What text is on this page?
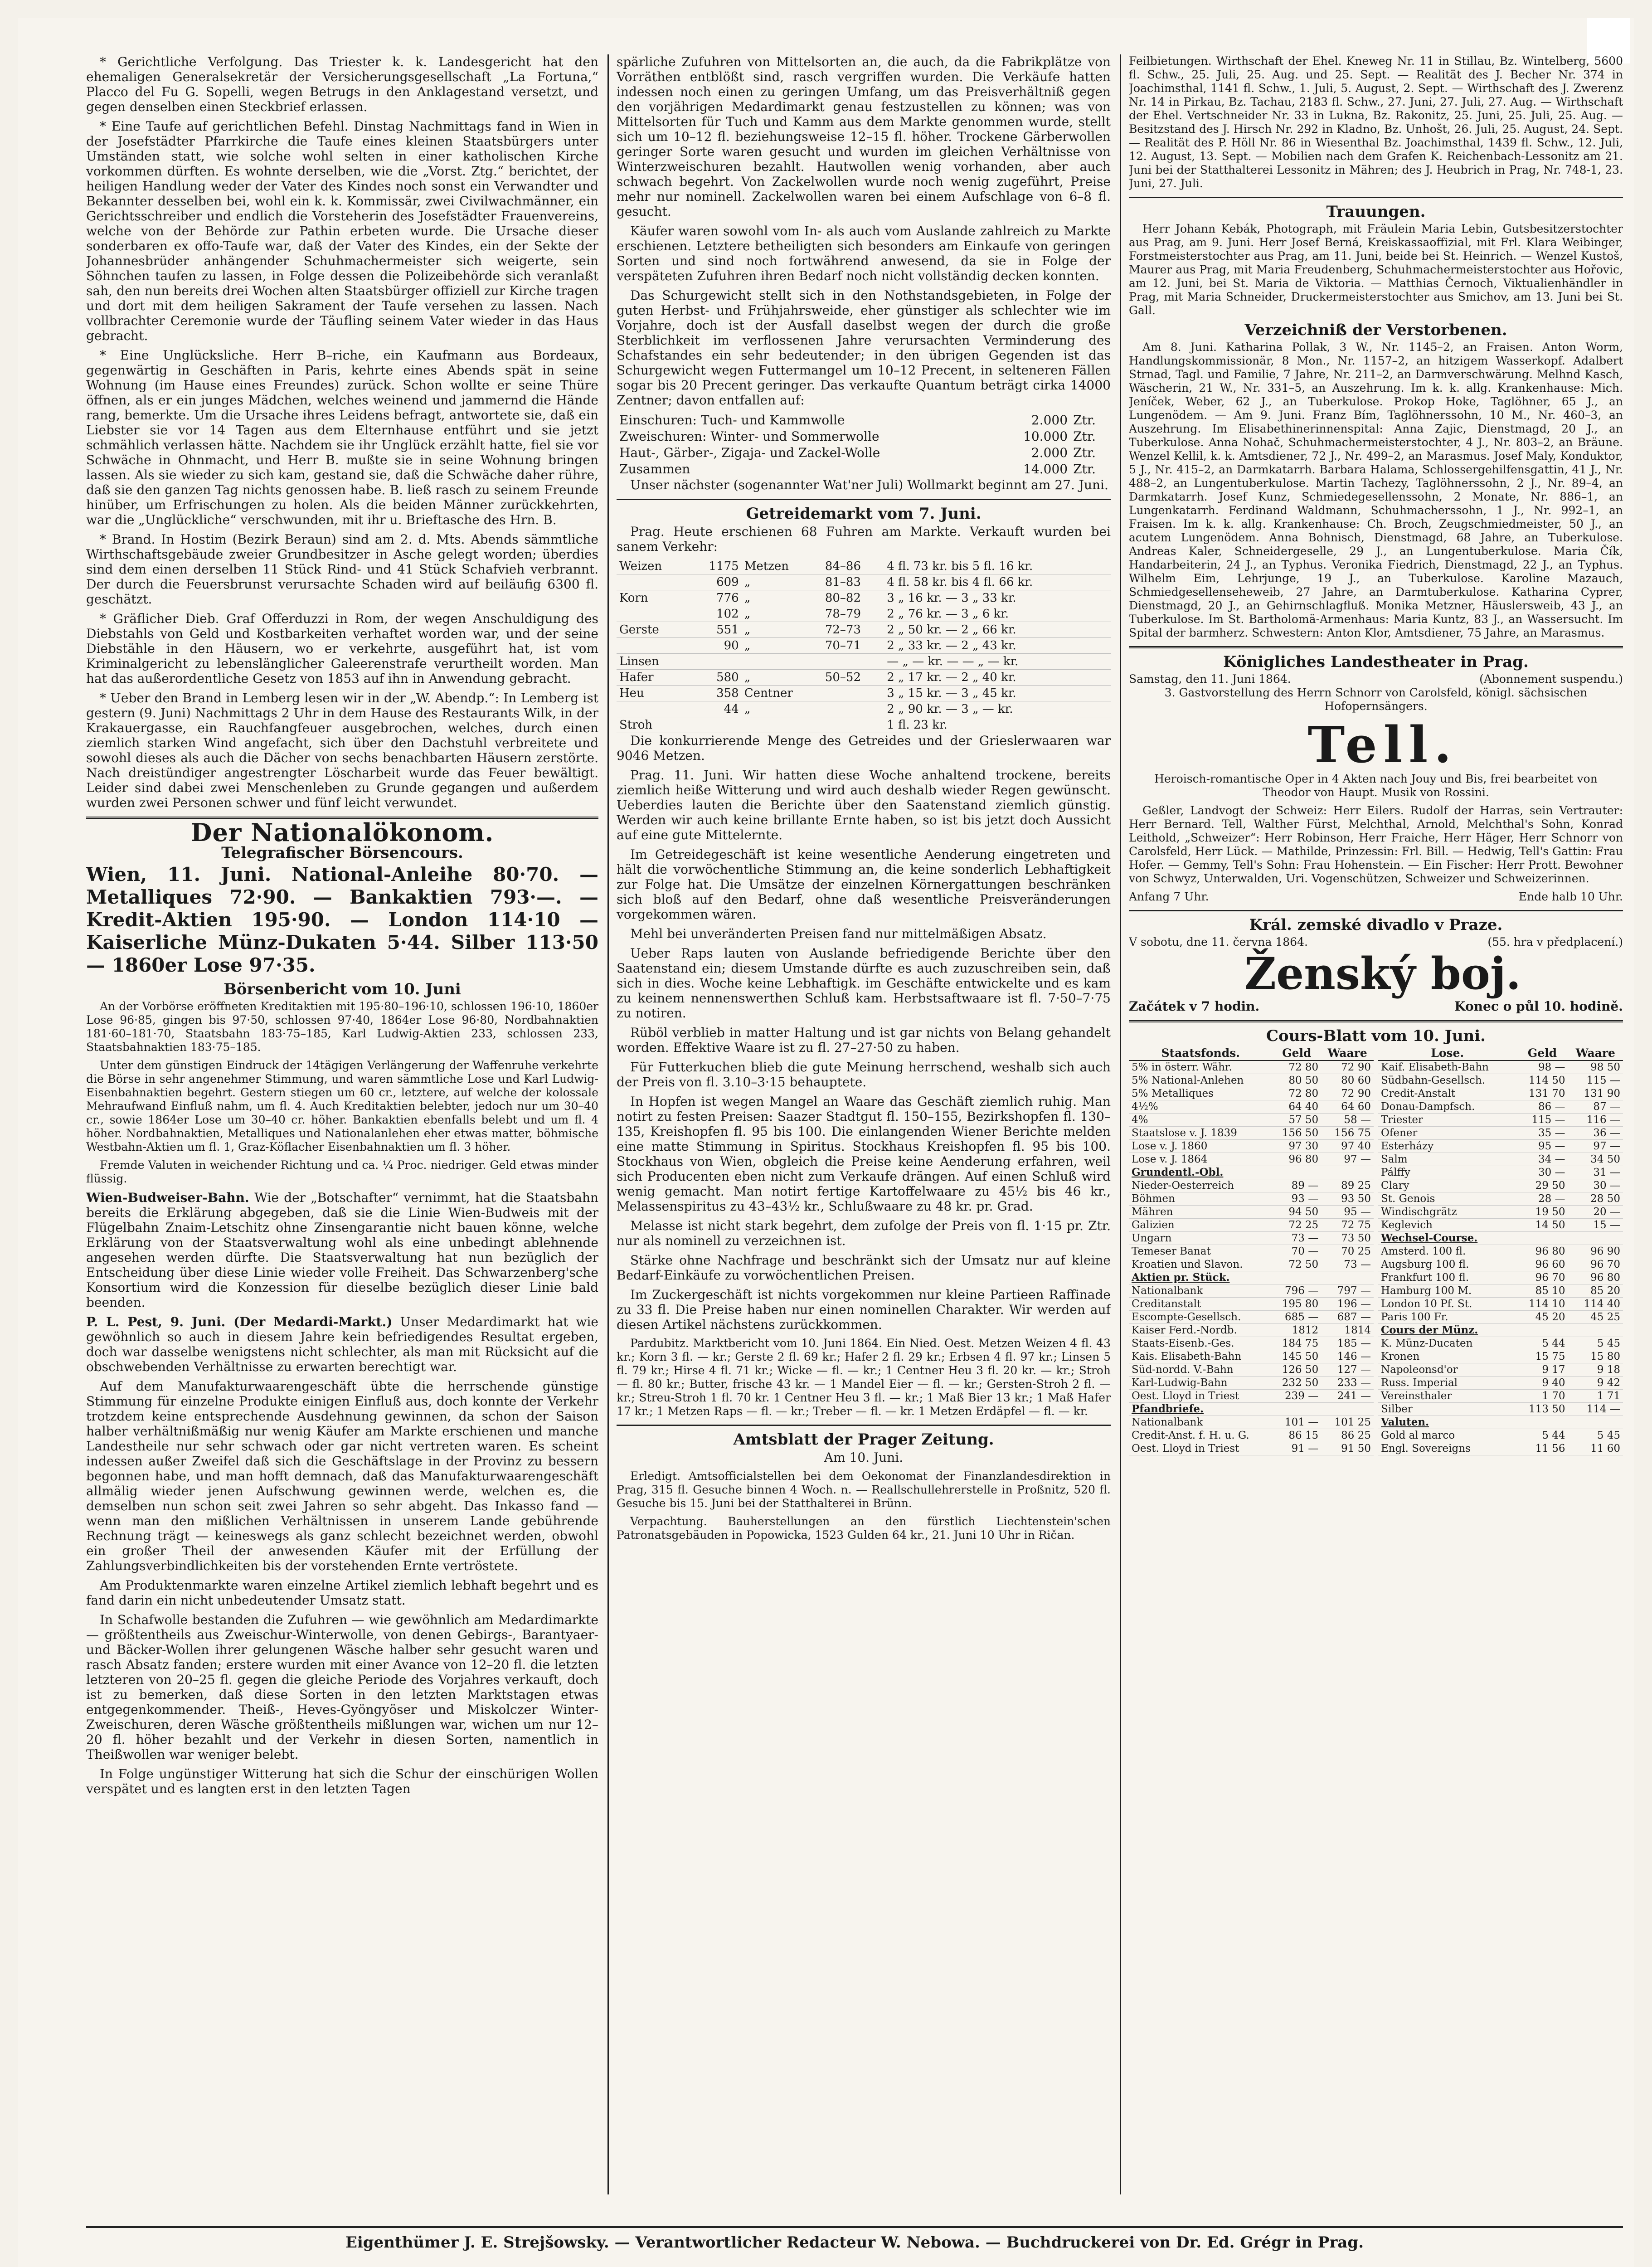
* Gerichtliche Verfolgung. Das Triester k. k. Landesgericht hat den ehemaligen Generalsekretär der Versicherungsgesellschaft „La Fortuna,“ Placco del Fu G. Sopelli, wegen Betrugs in den Anklagestand versetzt, und gegen denselben einen Steckbrief erlassen.

* Eine Taufe auf gerichtlichen Befehl. Dinstag Nachmittags fand in Wien in der Josefstädter Pfarrkirche die Taufe eines kleinen Staatsbürgers unter Umständen statt, wie solche wohl selten in einer katholischen Kirche vorkommen dürften. Es wohnte derselben, wie die „Vorst. Ztg.“ berichtet, der heiligen Handlung weder der Vater des Kindes noch sonst ein Verwandter und Bekannter desselben bei, wohl ein k. k. Kommissär, zwei Civilwachmänner, ein Gerichtsschreiber und endlich die Vorsteherin des Josefstädter Frauenvereins, welche von der Behörde zur Pathin erbeten wurde. Die Ursache dieser sonderbaren ex offo-Taufe war, daß der Vater des Kindes, ein der Sekte der Johannesbrüder anhängender Schuhmachermeister sich weigerte, sein Söhnchen taufen zu lassen, in Folge dessen die Polizeibehörde sich veranlaßt sah, den nun bereits drei Wochen alten Staatsbürger offiziell zur Kirche tragen und dort mit dem heiligen Sakrament der Taufe versehen zu lassen. Nach vollbrachter Ceremonie wurde der Täufling seinem Vater wieder in das Haus gebracht.

* Eine Unglücksliche. Herr B–riche, ein Kaufmann aus Bordeaux, gegenwärtig in Geschäften in Paris, kehrte eines Abends spät in seine Wohnung (im Hause eines Freundes) zurück. Schon wollte er seine Thüre öffnen, als er ein junges Mädchen, welches weinend und jammernd die Hände rang, bemerkte. Um die Ursache ihres Leidens befragt, antwortete sie, daß ein Liebster sie vor 14 Tagen aus dem Elternhause entführt und sie jetzt schmählich verlassen hätte. Nachdem sie ihr Unglück erzählt hatte, fiel sie vor Schwäche in Ohnmacht, und Herr B. mußte sie in seine Wohnung bringen lassen. Als sie wieder zu sich kam, gestand sie, daß die Schwäche daher rühre, daß sie den ganzen Tag nichts genossen habe. B. ließ rasch zu seinem Freunde hinüber, um Erfrischungen zu holen. Als die beiden Männer zurückkehrten, war die „Unglückliche“ verschwunden, mit ihr u. Brieftasche des Hrn. B.

* Brand. In Hostim (Bezirk Beraun) sind am 2. d. Mts. Abends sämmtliche Wirthschaftsgebäude zweier Grundbesitzer in Asche gelegt worden; überdies sind dem einen derselben 11 Stück Rind- und 41 Stück Schafvieh verbrannt. Der durch die Feuersbrunst verursachte Schaden wird auf beiläufig 6300 fl. geschätzt.

* Gräflicher Dieb. Graf Offerduzzi in Rom, der wegen Anschuldigung des Diebstahls von Geld und Kostbarkeiten verhaftet worden war, und der seine Diebstähle in den Häusern, wo er verkehrte, ausgeführt hat, ist vom Kriminalgericht zu lebenslänglicher Galeerenstrafe verurtheilt worden. Man hat das außerordentliche Gesetz von 1853 auf ihn in Anwendung gebracht.

* Ueber den Brand in Lemberg lesen wir in der „W. Abendp.“: In Lemberg ist gestern (9. Juni) Nachmittags 2 Uhr in dem Hause des Restaurants Wilk, in der Krakauergasse, ein Rauchfangfeuer ausgebrochen, welches, durch einen ziemlich starken Wind angefacht, sich über den Dachstuhl verbreitete und sowohl dieses als auch die Dächer von sechs benachbarten Häusern zerstörte. Nach dreistündiger angestrengter Löscharbeit wurde das Feuer bewältigt. Leider sind dabei zwei Menschenleben zu Grunde gegangen und außerdem wurden zwei Personen schwer und fünf leicht verwundet.

Der Nationalökonom.
Telegrafischer Börsencours.

Wien, 11. Juni. National-Anleihe 80·70. — Metalliques 72·90. — Bankaktien 793·—. — Kredit-Aktien 195·90. — London 114·10 — Kaiserliche Münz-Dukaten 5·44. Silber 113·50 — 1860er Lose 97·35.

Börsenbericht vom 10. Juni

An der Vorbörse eröffneten Kreditaktien mit 195·80–196·10, schlossen 196·10, 1860er Lose 96·85, gingen bis 97·50, schlossen 97·40, 1864er Lose 96·80, Nordbahnaktien 181·60–181·70, Staatsbahn 183·75–185, Karl Ludwig-Aktien 233, schlossen 233, Staatsbahnaktien 183·75–185.

Unter dem günstigen Eindruck der 14tägigen Verlängerung der Waffenruhe verkehrte die Börse in sehr angenehmer Stimmung, und waren sämmtliche Lose und Karl Ludwig-Eisenbahnaktien begehrt. Gestern stiegen um 60 cr., letztere, auf welche der kolossale Mehraufwand Einfluß nahm, um fl. 4. Auch Kreditaktien belebter, jedoch nur um 30–40 cr., sowie 1864er Lose um 30–40 cr. höher. Bankaktien ebenfalls belebt und um fl. 4 höher. Nordbahnaktien, Metalliques und Nationalanlehen eher etwas matter, böhmische Westbahn-Aktien um fl. 1, Graz-Köflacher Eisenbahnaktien um fl. 3 höher.

Fremde Valuten in weichender Richtung und ca. ¼ Proc. niedriger. Geld etwas minder flüssig.

Wien-Budweiser-Bahn. Wie der „Botschafter“ vernimmt, hat die Staatsbahn bereits die Erklärung abgegeben, daß sie die Linie Wien-Budweis mit der Flügelbahn Znaim-Letschitz ohne Zinsengarantie nicht bauen könne, welche Erklärung von der Staatsverwaltung wohl als eine unbedingt ablehnende angesehen werden dürfte. Die Staatsverwaltung hat nun bezüglich der Entscheidung über diese Linie wieder volle Freiheit. Das Schwarzenberg'sche Konsortium wird die Konzession für dieselbe bezüglich dieser Linie bald beenden.

P. L. Pest, 9. Juni. (Der Medardi-Markt.) Unser Medardimarkt hat wie gewöhnlich so auch in diesem Jahre kein befriedigendes Resultat ergeben, doch war dasselbe wenigstens nicht schlechter, als man mit Rücksicht auf die obschwebenden Verhältnisse zu erwarten berechtigt war.

Auf dem Manufakturwaarengeschäft übte die herrschende günstige Stimmung für einzelne Produkte einigen Einfluß aus, doch konnte der Verkehr trotzdem keine entsprechende Ausdehnung gewinnen, da schon der Saison halber verhältnißmäßig nur wenig Käufer am Markte erschienen und manche Landestheile nur sehr schwach oder gar nicht vertreten waren. Es scheint indessen außer Zweifel daß sich die Geschäftslage in der Provinz zu bessern begonnen habe, und man hofft demnach, daß das Manufakturwaarengeschäft allmälig wieder jenen Aufschwung gewinnen werde, welchen es, die demselben nun schon seit zwei Jahren so sehr abgeht. Das Inkasso fand — wenn man den mißlichen Verhältnissen in unserem Lande gebührende Rechnung trägt — keineswegs als ganz schlecht bezeichnet werden, obwohl ein großer Theil der anwesenden Käufer mit der Erfüllung der Zahlungsverbindlichkeiten bis der vorstehenden Ernte vertröstete.

Am Produktenmarkte waren einzelne Artikel ziemlich lebhaft begehrt und es fand darin ein nicht unbedeutender Umsatz statt.

In Schafwolle bestanden die Zufuhren — wie gewöhnlich am Medardimarkte — größtentheils aus Zweischur-Winterwolle, von denen Gebirgs-, Barantyaer- und Bäcker-Wollen ihrer gelungenen Wäsche halber sehr gesucht waren und rasch Absatz fanden; erstere wurden mit einer Avance von 12–20 fl. die letzten letzteren von 20–25 fl. gegen die gleiche Periode des Vorjahres verkauft, doch ist zu bemerken, daß diese Sorten in den letzten Marktstagen etwas entgegenkommender. Theiß-, Heves-Gyöngyöser und Miskolczer Winter-Zweischuren, deren Wäsche größtentheils mißlungen war, wichen um nur 12–20 fl. höher bezahlt und der Verkehr in diesen Sorten, namentlich in Theißwollen war weniger belebt.

In Folge ungünstiger Witterung hat sich die Schur der einschürigen Wollen verspätet und es langten erst in den letzten Tagen

spärliche Zufuhren von Mittelsorten an, die auch, da die Fabrikplätze von Vorräthen entblößt sind, rasch vergriffen wurden. Die Verkäufe hatten indessen noch einen zu geringen Umfang, um das Preisverhältniß gegen den vorjährigen Medardimarkt genau festzustellen zu können; was von Mittelsorten für Tuch und Kamm aus dem Markte genommen wurde, stellt sich um 10–12 fl. beziehungsweise 12–15 fl. höher. Trockene Gärberwollen geringer Sorte waren gesucht und wurden im gleichen Verhältnisse von Winterzweischuren bezahlt. Hautwollen wenig vorhanden, aber auch schwach begehrt. Von Zackelwollen wurde noch wenig zugeführt, Preise mehr nur nominell. Zackelwollen waren bei einem Aufschlage von 6–8 fl. gesucht.

Käufer waren sowohl vom In- als auch vom Auslande zahlreich zu Markte erschienen. Letztere betheiligten sich besonders am Einkaufe von geringen Sorten und sind noch fortwährend anwesend, da sie in Folge der verspäteten Zufuhren ihren Bedarf noch nicht vollständig decken konnten.

Das Schurgewicht stellt sich in den Nothstandsgebieten, in Folge der guten Herbst- und Frühjahrsweide, eher günstiger als schlechter wie im Vorjahre, doch ist der Ausfall daselbst wegen der durch die große Sterblichkeit im verflossenen Jahre verursachten Verminderung des Schafstandes ein sehr bedeutender; in den übrigen Gegenden ist das Schurgewicht wegen Futtermangel um 10–12 Precent, in selteneren Fällen sogar bis 20 Precent geringer. Das verkaufte Quantum beträgt cirka 14000 Zentner; davon entfallen auf:

Einschuren: Tuch- und Kammwolle	2.000	Ztr.
Zweischuren: Winter- und Sommerwolle	10.000	Ztr.
Haut-, Gärber-, Zigaja- und Zackel-Wolle	2.000	Ztr.
Zusammen	14.000	Ztr.

Unser nächster (sogenannter Wat'ner Juli) Wollmarkt beginnt am 27. Juni.

Getreidemarkt vom 7. Juni.

Prag. Heute erschienen 68 Fuhren am Markte. Verkauft wurden bei sanem Verkehr:

Weizen	1175	Metzen	84–86	4 fl. 73 kr. bis 5 fl. 16 kr.
	609	„	81–83	4 fl. 58 kr. bis 4 fl. 66 kr.
Korn	776	„	80–82	3 „ 16 kr. — 3 „ 33 kr.
	102	„	78–79	2 „ 76 kr. — 3 „ 6 kr.
Gerste	551	„	72–73	2 „ 50 kr. — 2 „ 66 kr.
	90	„	70–71	2 „ 33 kr. — 2 „ 43 kr.
Linsen				— „ — kr. — — „ — kr.
Hafer	580	„	50–52	2 „ 17 kr. — 2 „ 40 kr.
Heu	358	Centner		3 „ 15 kr. — 3 „ 45 kr.
	44	„		2 „ 90 kr. — 3 „ — kr.
Stroh				1 fl. 23 kr.

Die konkurrierende Menge des Getreides und der Grieslerwaaren war 9046 Metzen.

Prag. 11. Juni. Wir hatten diese Woche anhaltend trockene, bereits ziemlich heiße Witterung und wird auch deshalb wieder Regen gewünscht. Ueberdies lauten die Berichte über den Saatenstand ziemlich günstig. Werden wir auch keine brillante Ernte haben, so ist bis jetzt doch Aussicht auf eine gute Mittelernte.

Im Getreidegeschäft ist keine wesentliche Aenderung eingetreten und hält die vorwöchentliche Stimmung an, die keine sonderlich Lebhaftigkeit zur Folge hat. Die Umsätze der einzelnen Körnergattungen beschränken sich bloß auf den Bedarf, ohne daß wesentliche Preisveränderungen vorgekommen wären.

Mehl bei unveränderten Preisen fand nur mittelmäßigen Absatz.

Ueber Raps lauten von Auslande befriedigende Berichte über den Saatenstand ein; diesem Umstande dürfte es auch zuzuschreiben sein, daß sich in dies. Woche keine Lebhaftigk. im Geschäfte entwickelte und es kam zu keinem nennenswerthen Schluß kam. Herbstsaftwaare ist fl. 7·50–7·75 zu notiren.

Rüböl verblieb in matter Haltung und ist gar nichts von Belang gehandelt worden. Effektive Waare ist zu fl. 27–27·50 zu haben.

Für Futterkuchen blieb die gute Meinung herrschend, weshalb sich auch der Preis von fl. 3.10–3·15 behauptete.

In Hopfen ist wegen Mangel an Waare das Geschäft ziemlich ruhig. Man notirt zu festen Preisen: Saazer Stadtgut fl. 150–155, Bezirkshopfen fl. 130–135, Kreishopfen fl. 95 bis 100. Die einlangenden Wiener Berichte melden eine matte Stimmung in Spiritus. Stockhaus Kreishopfen fl. 95 bis 100. Stockhaus von Wien, obgleich die Preise keine Aenderung erfahren, weil sich Producenten eben nicht zum Verkaufe drängen. Auf einen Schluß wird wenig gemacht. Man notirt fertige Kartoffelwaare zu 45½ bis 46 kr., Melassenspiritus zu 43–43½ kr., Schlußwaare zu 48 kr. pr. Grad.

Melasse ist nicht stark begehrt, dem zufolge der Preis von fl. 1·15 pr. Ztr. nur als nominell zu verzeichnen ist.

Stärke ohne Nachfrage und beschränkt sich der Umsatz nur auf kleine Bedarf-Einkäufe zu vorwöchentlichen Preisen.

Im Zuckergeschäft ist nichts vorgekommen nur kleine Partieen Raffinade zu 33 fl. Die Preise haben nur einen nominellen Charakter. Wir werden auf diesen Artikel nächstens zurückkommen.

Pardubitz. Marktbericht vom 10. Juni 1864. Ein Nied. Oest. Metzen Weizen 4 fl. 43 kr.; Korn 3 fl. — kr.; Gerste 2 fl. 69 kr.; Hafer 2 fl. 29 kr.; Erbsen 4 fl. 97 kr.; Linsen 5 fl. 79 kr.; Hirse 4 fl. 71 kr.; Wicke — fl. — kr.; 1 Centner Heu 3 fl. 20 kr. — kr.; Stroh — fl. 80 kr.; Butter, frische 43 kr. — 1 Mandel Eier — fl. — kr.; Gersten-Stroh 2 fl. — kr.; Streu-Stroh 1 fl. 70 kr. 1 Centner Heu 3 fl. — kr.; 1 Maß Bier 13 kr.; 1 Maß Hafer 17 kr.; 1 Metzen Raps — fl. — kr.; Treber — fl. — kr. 1 Metzen Erdäpfel — fl. — kr.

Amtsblatt der Prager Zeitung.

Am 10. Juni.

Erledigt. Amtsofficialstellen bei dem Oekonomat der Finanzlandesdirektion in Prag, 315 fl. Gesuche binnen 4 Woch. n. — Reallschullehrerstelle in Proßnitz, 520 fl. Gesuche bis 15. Juni bei der Statthalterei in Brünn.

Verpachtung. Bauherstellungen an den fürstlich Liechtenstein'schen Patronatsgebäuden in Popowicka, 1523 Gulden 64 kr., 21. Juni 10 Uhr in Ričan.

Feilbietungen. Wirthschaft der Ehel. Kneweg Nr. 11 in Stillau, Bz. Wintelberg, 5600 fl. Schw., 25. Juli, 25. Aug. und 25. Sept. — Realität des J. Becher Nr. 374 in Joachimsthal, 1141 fl. Schw., 1. Juli, 5. August, 2. Sept. — Wirthschaft des J. Zwerenz Nr. 14 in Pirkau, Bz. Tachau, 2183 fl. Schw., 27. Juni, 27. Juli, 27. Aug. — Wirthschaft der Ehel. Vertschneider Nr. 33 in Lukna, Bz. Rakonitz, 25. Juni, 25. Juli, 25. Aug. — Besitzstand des J. Hirsch Nr. 292 in Kladno, Bz. Unhošt, 26. Juli, 25. August, 24. Sept. — Realität des P. Höll Nr. 86 in Wiesenthal Bz. Joachimsthal, 1439 fl. Schw., 12. Juli, 12. August, 13. Sept. — Mobilien nach dem Grafen K. Reichenbach-Lessonitz am 21. Juni bei der Statthalterei Lessonitz in Mähren; des J. Heubrich in Prag, Nr. 748-1, 23. Juni, 27. Juli.

Trauungen.

Herr Johann Kebák, Photograph, mit Fräulein Maria Lebin, Gutsbesitzerstochter aus Prag, am 9. Juni. Herr Josef Berná, Kreiskassaoffizial, mit Frl. Klara Weibinger, Forstmeisterstochter aus Prag, am 11. Juni, beide bei St. Heinrich. — Wenzel Kustoš, Maurer aus Prag, mit Maria Freudenberg, Schuhmachermeisterstochter aus Hořovic, am 12. Juni, bei St. Maria de Viktoria. — Matthias Černoch, Viktualienhändler in Prag, mit Maria Schneider, Druckermeisterstochter aus Smichov, am 13. Juni bei St. Gall.

Verzeichniß der Verstorbenen.

Am 8. Juni. Katharina Pollak, 3 W., Nr. 1145–2, an Fraisen. Anton Worm, Handlungskommissionär, 8 Mon., Nr. 1157–2, an hitzigem Wasserkopf. Adalbert Strnad, Tagl. und Familie, 7 Jahre, Nr. 211–2, an Darmverschwärung. Melhnd Kasch, Wäscherin, 21 W., Nr. 331–5, an Auszehrung. Im k. k. allg. Krankenhause: Mich. Jeníček, Weber, 62 J., an Tuberkulose. Prokop Hoke, Taglöhner, 65 J., an Lungenödem. — Am 9. Juni. Franz Bím, Taglöhnerssohn, 10 M., Nr. 460–3, an Auszehrung. Im Elisabethinerinnenspital: Anna Zajic, Dienstmagd, 20 J., an Tuberkulose. Anna Nohač, Schuhmachermeisterstochter, 4 J., Nr. 803–2, an Bräune. Wenzel Kellil, k. k. Amtsdiener, 72 J., Nr. 499–2, an Marasmus. Josef Maly, Konduktor, 5 J., Nr. 415–2, an Darmkatarrh. Barbara Halama, Schlossergehilfensgattin, 41 J., Nr. 488–2, an Lungentuberkulose. Martin Tachezy, Taglöhnerssohn, 2 J., Nr. 89–4, an Darmkatarrh. Josef Kunz, Schmiedegesellenssohn, 2 Monate, Nr. 886–1, an Lungenkatarrh. Ferdinand Waldmann, Schuhmacherssohn, 1 J., Nr. 992–1, an Fraisen. Im k. k. allg. Krankenhause: Ch. Broch, Zeugschmiedmeister, 50 J., an acutem Lungenödem. Anna Bohnisch, Dienstmagd, 68 Jahre, an Tuberkulose. Andreas Kaler, Schneidergeselle, 29 J., an Lungentuberkulose. Maria Čík, Handarbeiterin, 24 J., an Typhus. Veronika Fiedrich, Dienstmagd, 22 J., an Typhus. Wilhelm Eim, Lehrjunge, 19 J., an Tuberkulose. Karoline Mazauch, Schmiedgesellenseheweib, 27 Jahre, an Darmtuberkulose. Katharina Cyprer, Dienstmagd, 20 J., an Gehirnschlagfluß. Monika Metzner, Häuslersweib, 43 J., an Tuberkulose. Im St. Bartholomä-Armenhaus: Maria Kuntz, 83 J., an Wassersucht. Im Spital der barmherz. Schwestern: Anton Klor, Amtsdiener, 75 Jahre, an Marasmus.

Königliches Landestheater in Prag.
Samstag, den 11. Juni 1864.	(Abonnement suspendu.)

3. Gastvorstellung des Herrn Schnorr von Carolsfeld, königl. sächsischen Hofopernsängers.

Tell.

Heroisch-romantische Oper in 4 Akten nach Jouy und Bis, frei bearbeitet von Theodor von Haupt. Musik von Rossini.

Geßler, Landvogt der Schweiz: Herr Eilers. Rudolf der Harras, sein Vertrauter: Herr Bernard. Tell, Walther Fürst, Melchthal, Arnold, Melchthal's Sohn, Konrad Leithold, „Schweizer“: Herr Robinson, Herr Fraiche, Herr Häger, Herr Schnorr von Carolsfeld, Herr Lück. — Mathilde, Prinzessin: Frl. Bill. — Hedwig, Tell's Gattin: Frau Hofer. — Gemmy, Tell's Sohn: Frau Hohenstein. — Ein Fischer: Herr Prott. Bewohner von Schwyz, Unterwalden, Uri. Vogenschützen, Schweizer und Schweizerinnen.

Anfang 7 Uhr.	Ende halb 10 Uhr.
Král. zemské divadlo v Praze.
V sobotu, dne 11. června 1864.	(55. hra v předplacení.)

Ženský boj.

Začátek v 7 hodin.	Konec o půl 10. hodině.
Cours-Blatt vom 10. Juni.
Staatsfonds.	Geld	Waare
5% in österr. Währ.	72 80	72 90
5% National-Anlehen	80 50	80 60
5% Metalliques	72 80	72 90
4½%	64 40	64 60
4%	57 50	58 —
Staatslose v. J. 1839	156 50	156 75
Lose v. J. 1860	97 30	97 40
Lose v. J. 1864	96 80	97 —
Grundentl.-Obl.		
Nieder-Oesterreich	89 —	89 25
Böhmen	93 —	93 50
Mähren	94 50	95 —
Galizien	72 25	72 75
Ungarn	73 —	73 50
Temeser Banat	70 —	70 25
Kroatien und Slavon.	72 50	73 —
Aktien pr. Stück.		
Nationalbank	796 —	797 —
Creditanstalt	195 80	196 —
Escompte-Gesellsch.	685 —	687 —
Kaiser Ferd.-Nordb.	1812	1814
Staats-Eisenb.-Ges.	184 75	185 —
Kais. Elisabeth-Bahn	145 50	146 —
Süd-nordd. V.-Bahn	126 50	127 —
Karl-Ludwig-Bahn	232 50	233 —
Oest. Lloyd in Triest	239 —	241 —
Pfandbriefe.		
Nationalbank	101 —	101 25
Credit-Anst. f. H. u. G.	86 15	86 25
Oest. Lloyd in Triest	91 —	91 50
Lose.	Geld	Waare
Kaif. Elisabeth-Bahn	98 —	98 50
Südbahn-Gesellsch.	114 50	115 —
Credit-Anstalt	131 70	131 90
Donau-Dampfsch.	86 —	87 —
Triester	115 —	116 —
Ofener	35 —	36 —
Esterházy	95 —	97 —
Salm	34 —	34 50
Pálffy	30 —	31 —
Clary	29 50	30 —
St. Genois	28 —	28 50
Windischgrätz	19 50	20 —
Keglevich	14 50	15 —
Wechsel-Course.		
Amsterd. 100 fl.	96 80	96 90
Augsburg 100 fl.	96 60	96 70
Frankfurt 100 fl.	96 70	96 80
Hamburg 100 M.	85 10	85 20
London 10 Pf. St.	114 10	114 40
Paris 100 Fr.	45 20	45 25
Cours der Münz.		
K. Münz-Ducaten	5 44	5 45
Kronen	15 75	15 80
Napoleonsd'or	9 17	9 18
Russ. Imperial	9 40	9 42
Vereinsthaler	1 70	1 71
Silber	113 50	114 —
Valuten.		
Gold al marco	5 44	5 45
Engl. Sovereigns	11 56	11 60
Eigenthümer J. E. Strejšowsky. — Verantwortlicher Redacteur W. Nebowa. — Buchdruckerei von Dr. Ed. Grégr in Prag.
